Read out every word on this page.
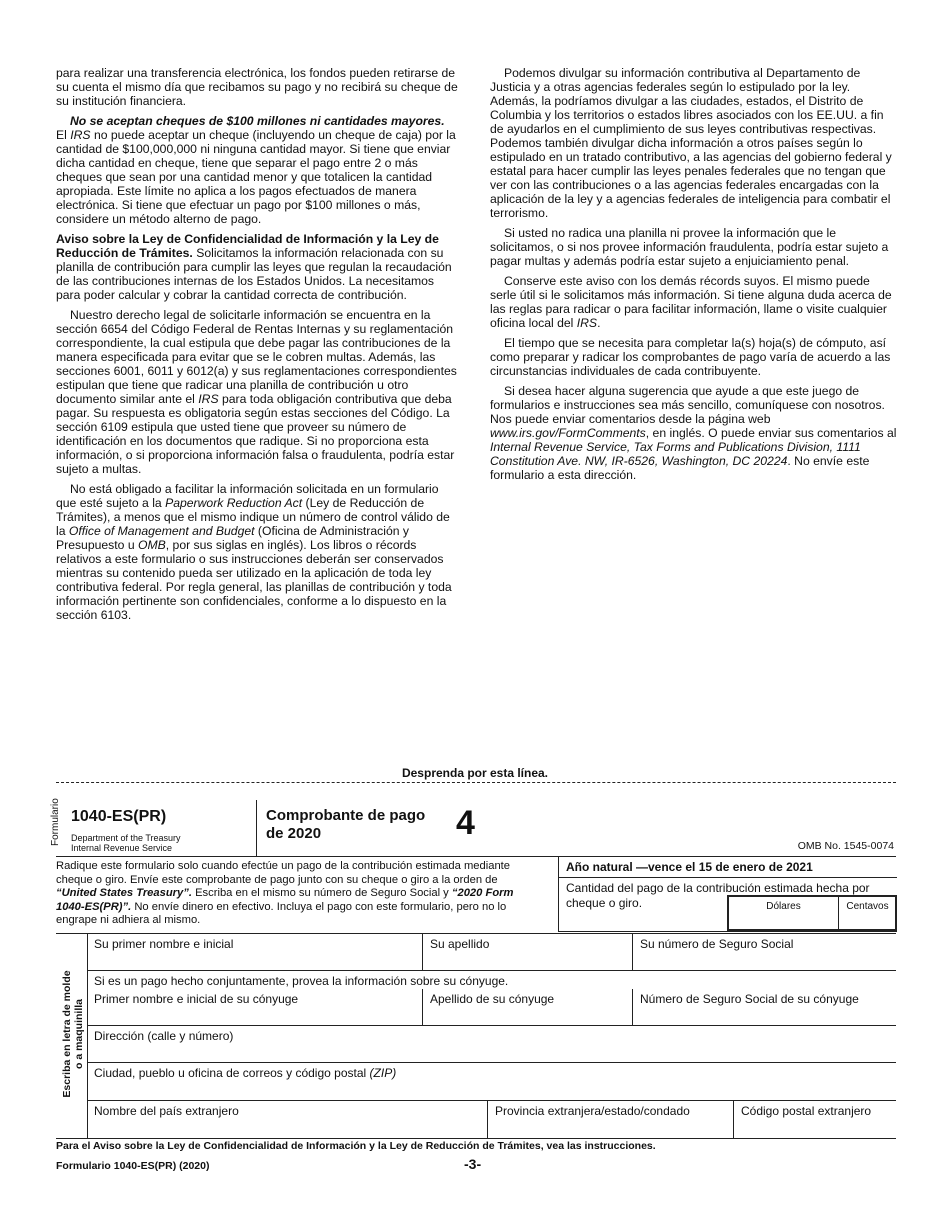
para realizar una transferencia electrónica, los fondos pueden retirarse de su cuenta el mismo día que recibamos su pago y no recibirá su cheque de su institución financiera.

No se aceptan cheques de $100 millones ni cantidades mayores.
El IRS no puede aceptar un cheque (incluyendo un cheque de caja) por la cantidad de $100,000,000 ni ninguna cantidad mayor. Si tiene que enviar dicha cantidad en cheque, tiene que separar el pago entre 2 o más cheques que sean por una cantidad menor y que totalicen la cantidad apropiada. Este límite no aplica a los pagos efectuados de manera electrónica. Si tiene que efectuar un pago por $100 millones o más, considere un método alterno de pago.

Aviso sobre la Ley de Confidencialidad de Información y la Ley de Reducción de Trámites. Solicitamos la información relacionada con su planilla de contribución para cumplir las leyes que regulan la recaudación de las contribuciones internas de los Estados Unidos. La necesitamos para poder calcular y cobrar la cantidad correcta de contribución.

Nuestro derecho legal de solicitarle información se encuentra en la sección 6654 del Código Federal de Rentas Internas y su reglamentación correspondiente, la cual estipula que debe pagar las contribuciones de la manera especificada para evitar que se le cobren multas. Además, las secciones 6001, 6011 y 6012(a) y sus reglamentaciones correspondientes estipulan que tiene que radicar una planilla de contribución u otro documento similar ante el IRS para toda obligación contributiva que deba pagar. Su respuesta es obligatoria según estas secciones del Código. La sección 6109 estipula que usted tiene que proveer su número de identificación en los documentos que radique. Si no proporciona esta información, o si proporciona información falsa o fraudulenta, podría estar sujeto a multas.

No está obligado a facilitar la información solicitada en un formulario que esté sujeto a la Paperwork Reduction Act (Ley de Reducción de Trámites), a menos que el mismo indique un número de control válido de la Office of Management and Budget (Oficina de Administración y Presupuesto u OMB, por sus siglas en inglés). Los libros o récords relativos a este formulario o sus instrucciones deberán ser conservados mientras su contenido pueda ser utilizado en la aplicación de toda ley contributiva federal. Por regla general, las planillas de contribución y toda información pertinente son confidenciales, conforme a lo dispuesto en la sección 6103.

Podemos divulgar su información contributiva al Departamento de Justicia y a otras agencias federales según lo estipulado por la ley. Además, la podríamos divulgar a las ciudades, estados, el Distrito de Columbia y los territorios o estados libres asociados con los EE.UU. a fin de ayudarlos en el cumplimiento de sus leyes contributivas respectivas. Podemos también divulgar dicha información a otros países según lo estipulado en un tratado contributivo, a las agencias del gobierno federal y estatal para hacer cumplir las leyes penales federales que no tengan que ver con las contribuciones o a las agencias federales encargadas con la aplicación de la ley y a agencias federales de inteligencia para combatir el terrorismo.

Si usted no radica una planilla ni provee la información que le solicitamos, o si nos provee información fraudulenta, podría estar sujeto a pagar multas y además podría estar sujeto a enjuiciamiento penal.

Conserve este aviso con los demás récords suyos. El mismo puede serle útil si le solicitamos más información. Si tiene alguna duda acerca de las reglas para radicar o para facilitar información, llame o visite cualquier oficina local del IRS.

El tiempo que se necesita para completar la(s) hoja(s) de cómputo, así como preparar y radicar los comprobantes de pago varía de acuerdo a las circunstancias individuales de cada contribuyente.

Si desea hacer alguna sugerencia que ayude a que este juego de formularios e instrucciones sea más sencillo, comuníquese con nosotros. Nos puede enviar comentarios desde la página web www.irs.gov/FormComments, en inglés. O puede enviar sus comentarios al Internal Revenue Service, Tax Forms and Publications Division, 1111 Constitution Ave. NW, IR-6526, Washington, DC 20224. No envíe este formulario a esta dirección.

Desprenda por esta línea.
Formulario 1040-ES(PR)
Department of the Treasury
Internal Revenue Service
Comprobante de pago
de 2020	4
OMB No. 1545-0074
Radique este formulario solo cuando efectúe un pago de la contribución estimada mediante cheque o giro. Envíe este comprobante de pago junto con su cheque o giro a la orden de “United States Treasury”. Escriba en el mismo su número de Seguro Social y “2020 Form 1040-ES(PR)”. No envíe dinero en efectivo. Incluya el pago con este formulario, pero no lo engrape ni adhiera al mismo.
Año natural —vence el 15 de enero de 2021
Cantidad del pago de la contribución estimada hecha por cheque o giro.	Dólares	Centavos
Escriba en letra de molde
o a maquinilla
Su primer nombre e inicial	Su apellido	Su número de Seguro Social
Si es un pago hecho conjuntamente, provea la información sobre su cónyuge.
Primer nombre e inicial de su cónyuge	Apellido de su cónyuge	Número de Seguro Social de su cónyuge
Dirección (calle y número)
Ciudad, pueblo u oficina de correos y código postal (ZIP)
Nombre del país extranjero	Provincia extranjera/estado/condado	Código postal extranjero
Para el Aviso sobre la Ley de Confidencialidad de Información y la Ley de Reducción de Trámites, vea las instrucciones.
Formulario 1040-ES(PR) (2020)	-3-
